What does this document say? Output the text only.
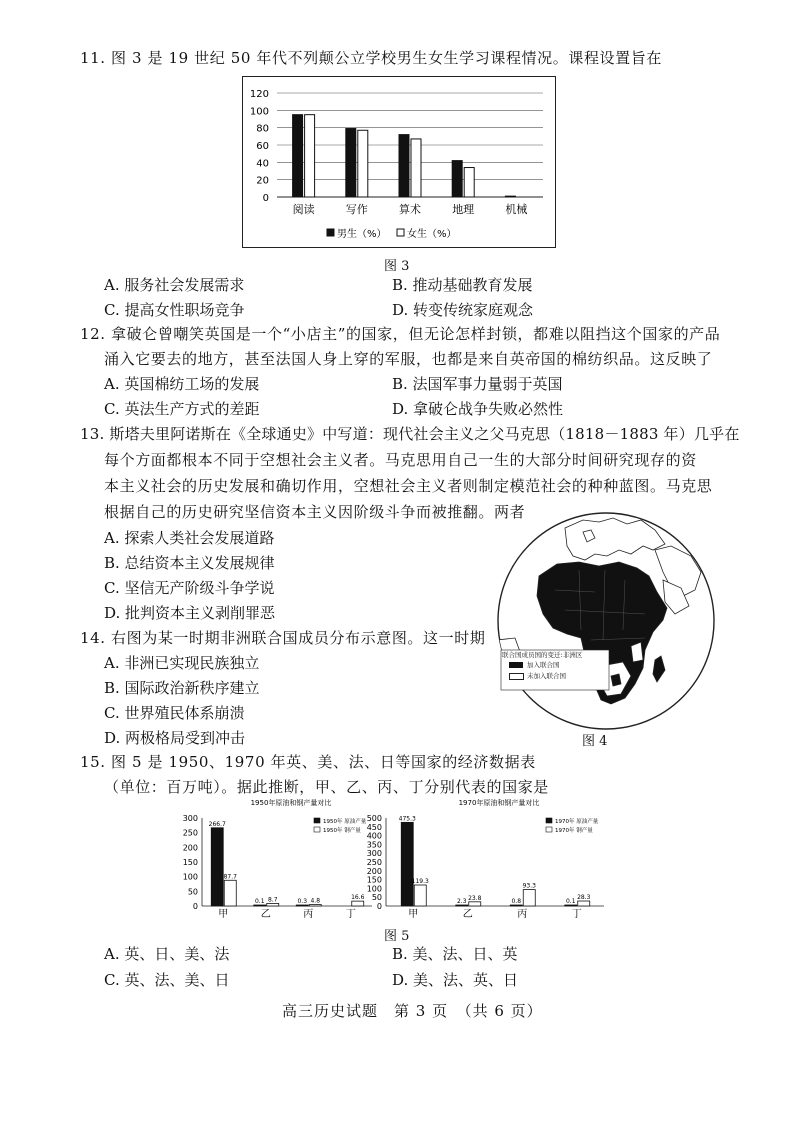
11. 图 3 是 19 世纪 50 年代不列颠公立学校男生女生学习课程情况。课程设置旨在
0
20
40
60
80
100
120
阅读	写作	算术	地理	机械
男生（%） 女生（%）
图 3
A. 服务社会发展需求	B. 推动基础教育发展
C. 提高女性职场竞争	D. 转变传统家庭观念
12. 拿破仑曾嘲笑英国是一个“小店主”的国家，但无论怎样封锁，都难以阻挡这个国家的产品
涌入它要去的地方，甚至法国人身上穿的军服，也都是来自英帝国的棉纺织品。这反映了
A. 英国棉纺工场的发展	B. 法国军事力量弱于英国
C. 英法生产方式的差距	D. 拿破仑战争失败必然性
13. 斯塔夫里阿诺斯在《全球通史》中写道：现代社会主义之父马克思（1818－1883 年）几乎在
每个方面都根本不同于空想社会主义者。马克思用自己一生的大部分时间研究现存的资
本主义社会的历史发展和确切作用，空想社会主义者则制定模范社会的种种蓝图。马克思
根据自己的历史研究坚信资本主义因阶级斗争而被推翻。两者
A. 探索人类社会发展道路
B. 总结资本主义发展规律
C. 坚信无产阶级斗争学说
D. 批判资本主义剥削罪恶
14. 右图为某一时期非洲联合国成员分布示意图。这一时期
A. 非洲已实现民族独立
B. 国际政治新秩序建立
C. 世界殖民体系崩溃
D. 两极格局受到冲击
联合国成员国的变迁:非洲区
加入联合国
未加入联合国
图 4
15. 图 5 是 1950、1970 年英、美、法、日等国家的经济数据表
（单位：百万吨）。据此推断，甲、乙、丙、丁分别代表的国家是
1950年原油和钢产量对比
0
50
100
150
200
250
300
266.7
87.7
甲
0.1 8.7
乙
0.3 4.8
丙
16.6
丁
1950年 原油产量
1950年 钢产量
1970年原油和钢产量对比
0
50
100
150
200
250
300
350
400
450
500	475.3
119.3
甲
2.3 23.8
乙
0.8
93.3
丙
0.1
28.3
丁
1970年 原油产量
1970年 钢产量
图 5
A. 英、日、美、法	B. 美、法、日、英
C. 英、法、美、日	D. 美、法、英、日
高三历史试题　第 3 页　（共 6 页）
